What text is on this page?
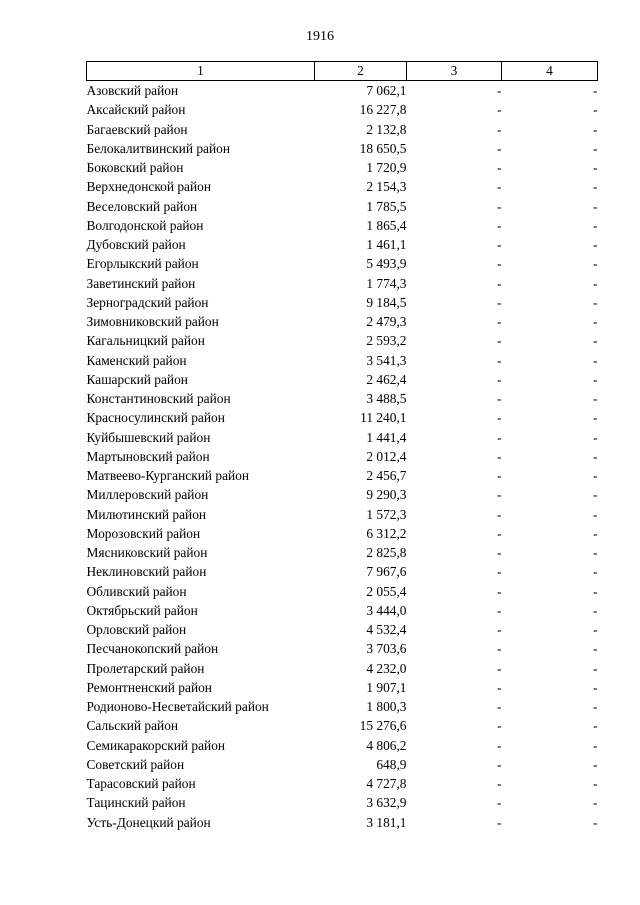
1916
1	2	3	4
Азовский район	7 062,1	-	-
Аксайский район	16 227,8	-	-
Багаевский район	2 132,8	-	-
Белокалитвинский район	18 650,5	-	-
Боковский район	1 720,9	-	-
Верхнедонской район	2 154,3	-	-
Веселовский район	1 785,5	-	-
Волгодонской район	1 865,4	-	-
Дубовский район	1 461,1	-	-
Егорлыкский район	5 493,9	-	-
Заветинский район	1 774,3	-	-
Зерноградский район	9 184,5	-	-
Зимовниковский район	2 479,3	-	-
Кагальницкий район	2 593,2	-	-
Каменский район	3 541,3	-	-
Кашарский район	2 462,4	-	-
Константиновский район	3 488,5	-	-
Красносулинский район	11 240,1	-	-
Куйбышевский район	1 441,4	-	-
Мартыновский район	2 012,4	-	-
Матвеево-Курганский район	2 456,7	-	-
Миллеровский район	9 290,3	-	-
Милютинский район	1 572,3	-	-
Морозовский район	6 312,2	-	-
Мясниковский район	2 825,8	-	-
Неклиновский район	7 967,6	-	-
Обливский район	2 055,4	-	-
Октябрьский район	3 444,0	-	-
Орловский район	4 532,4	-	-
Песчанокопский район	3 703,6	-	-
Пролетарский район	4 232,0	-	-
Ремонтненский район	1 907,1	-	-
Родионово-Несветайский район	1 800,3	-	-
Сальский район	15 276,6	-	-
Семикаракорский район	4 806,2	-	-
Советский район	648,9	-	-
Тарасовский район	4 727,8	-	-
Тацинский район	3 632,9	-	-
Усть-Донецкий район	3 181,1	-	-
